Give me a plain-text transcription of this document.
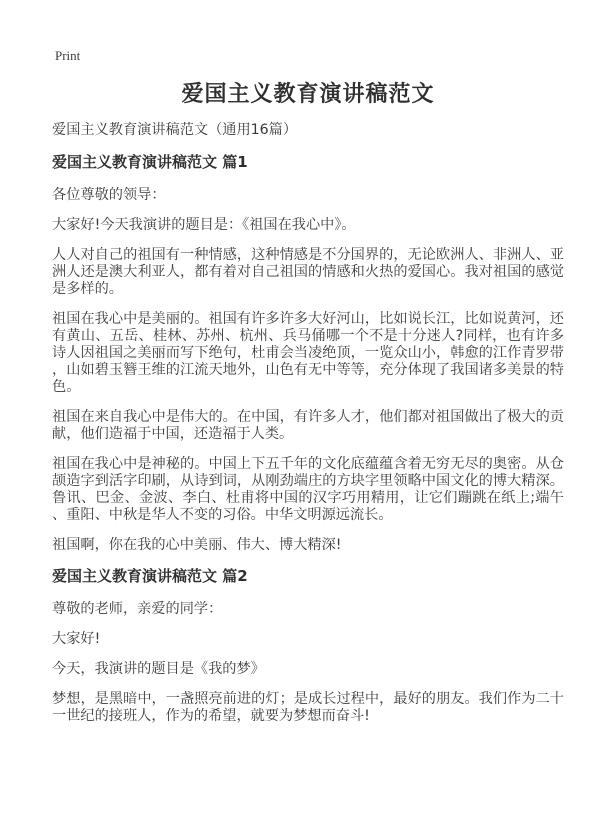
Print
爱国主义教育演讲稿范文

爱国主义教育演讲稿范文（通用16篇）

爱国主义教育演讲稿范文 篇1

各位尊敬的领导：

大家好!今天我演讲的题目是：《祖国在我心中》。

人人对自己的祖国有一种情感，这种情感是不分国界的，无论欧洲人、非洲人、亚洲人还是澳大利亚人，都有着对自己祖国的情感和火热的爱国心。我对祖国的感觉是多样的。

祖国在我心中是美丽的。祖国有许多许多大好河山，比如说长江，比如说黄河，还有黄山、五岳、桂林、苏州、杭州、兵马俑哪一个不是十分迷人?同样，也有许多诗人因祖国之美丽而写下绝句，杜甫会当凌绝顶，一览众山小，韩愈的江作青罗带，山如碧玉簪王维的江流天地外，山色有无中等等，充分体现了我国诸多美景的特色。

祖国在来自我心中是伟大的。在中国，有许多人才，他们都对祖国做出了极大的贡献，他们造福于中国，还造福于人类。

祖国在我心中是神秘的。中国上下五千年的文化底蕴蕴含着无穷无尽的奥密。从仓颉造字到活字印刷，从诗到词，从刚劲端庄的方块字里领略中国文化的博大精深。鲁讯、巴金、金波、李白、杜甫将中国的汉字巧用精用，让它们蹦跳在纸上;端午、重阳、中秋是华人不变的习俗。中华文明源远流长。

祖国啊，你在我的心中美丽、伟大、博大精深!

爱国主义教育演讲稿范文 篇2

尊敬的老师，亲爱的同学：

大家好!

今天，我演讲的题目是《我的梦》

梦想，是黑暗中，一盏照亮前进的灯；是成长过程中，最好的朋友。我们作为二十一世纪的接班人，作为的希望，就要为梦想而奋斗!
